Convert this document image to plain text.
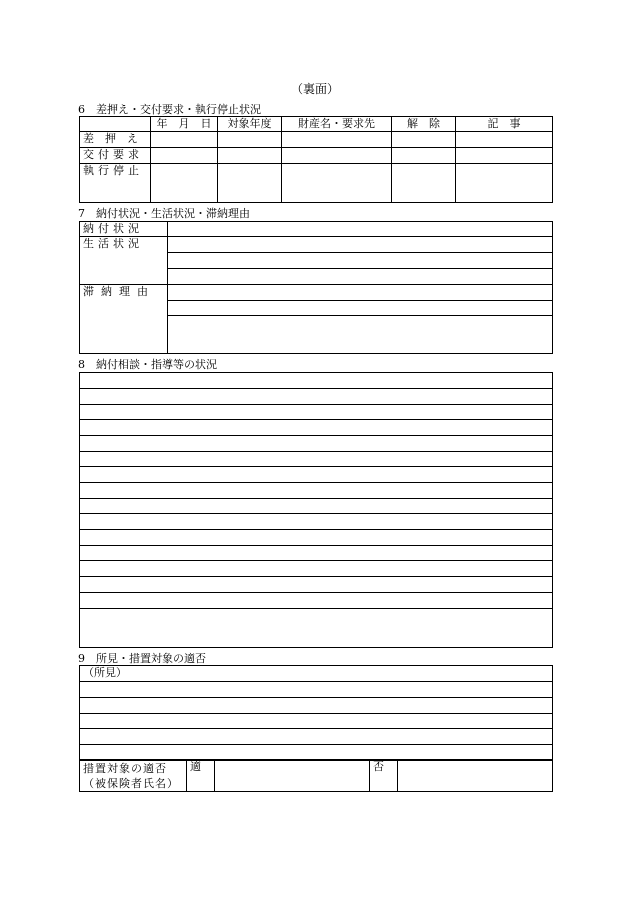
（裏面）
6　差押え・交付要求・執行停止状況
	年　月　日	対象年度	財産名・要求先	解　除	記　事
差　押　え					
交付要求					
執行停止					
7　納付状況・生活状況・滞納理由
納付状況	
生活状況	

滞納理由	

8　納付相談・指導等の状況
9　所見・措置対象の適否
（所見）
措置対象の適否
（被保険者氏名）
	適		否	
